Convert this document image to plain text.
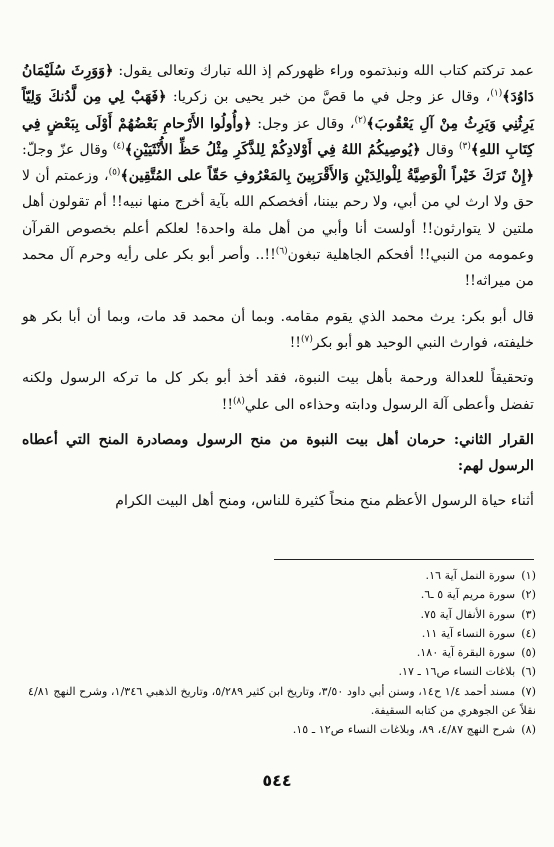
عمد تركتم كتاب الله ونبذتموه وراء ظهوركم إذ الله تبارك وتعالى يقول: ﴿وَوَرِثَ سُلَيْمَانُ دَاوُدَ﴾$^{(١)}$، وقال عز وجل في ما قصَّ من خبر يحيى بن زكريا: ﴿فَهَبْ لِي مِن لَّدُنكَ وَلِيّاً يَرِثُنِي وَيَرِثُ مِنْ آلِ يَعْقُوبَ﴾$^{(٢)}$، وقال عز وجل: ﴿وأُولُوا الأَرْحامِ بَعْضُهُمْ أَوْلَى بِبَعْضٍ فِي كِتَابِ اللهِ﴾$^{(٣)}$ وقال ﴿يُوصِيكُمُ اللهُ فِي أَوْلادِكُمْ لِلذَّكَرِ مِثْلُ حَظِّ الأُنْثَيَيْنِ﴾$^{(٤)}$ وقال عزّ وجلّ: ﴿إِنْ تَرَكَ خَيْراً الْوَصِيَّةُ لِلْوالِدَيْنِ وَالأَقْرَبِينَ بِالمَعْرُوفِ حَقّاً على المُتَّقِين﴾$^{(٥)}$، وزعمتم أن لا حق ولا ارث لي من أبي، ولا رحم بيننا، أفخصكم الله بآية أخرج منها نبيه!! أم تقولون أهل ملتين لا يتوارثون!! أولست أنا وأبي من أهل ملة واحدة! لعلكم أعلم بخصوص القرآن وعمومه من النبي!! أفحكم الجاهلية تبغون$^{(٦)}$!!.. وأصر أبو بكر على رأيه وحرم آل محمد من ميراثه!!

قال أبو بكر: يرث محمد الذي يقوم مقامه. وبما أن محمد قد مات، وبما أن أبا بكر هو خليفته، فوارث النبي الوحيد هو أبو بكر$^{(٧)}$!!

وتحقيقاً للعدالة ورحمة بأهل بيت النبوة، فقد أخذ أبو بكر كل ما تركه الرسول ولكنه تفضل وأعطى آلة الرسول ودابته وحذاءه الى علي$^{(٨)}$!!

القرار الثاني: حرمان أهل بيت النبوة من منح الرسول ومصادرة المنح التي أعطاه الرسول لهم:

أثناء حياة الرسول الأعظم منح منحاً كثيرة للناس، ومنح أهل البيت الكرام

(١)سورة النمل آية ١٦.

(٢)سورة مريم آية ٥ ـ٦.

(٣)سورة الأنفال آية ٧٥.

(٤)سورة النساء آية ١١.

(٥)سورة البقرة آية ١٨٠.

(٦)بلاغات النساء ص١٦ ـ ١٧.

(٧)مسند أحمد ١/٤ ح١٤، وسنن أبي داود ٣/٥٠، وتاريخ ابن كثير ٥/٢٨٩، وتاريخ الذهبي ١/٣٤٦، وشرح النهج ٤/٨١ نقلاً عن الجوهري من كتابه السقيفة.

(٨)شرح النهج ٤/٨٧، ٨٩، وبلاغات النساء ص١٢ ـ ١٥.

٥٤٤
